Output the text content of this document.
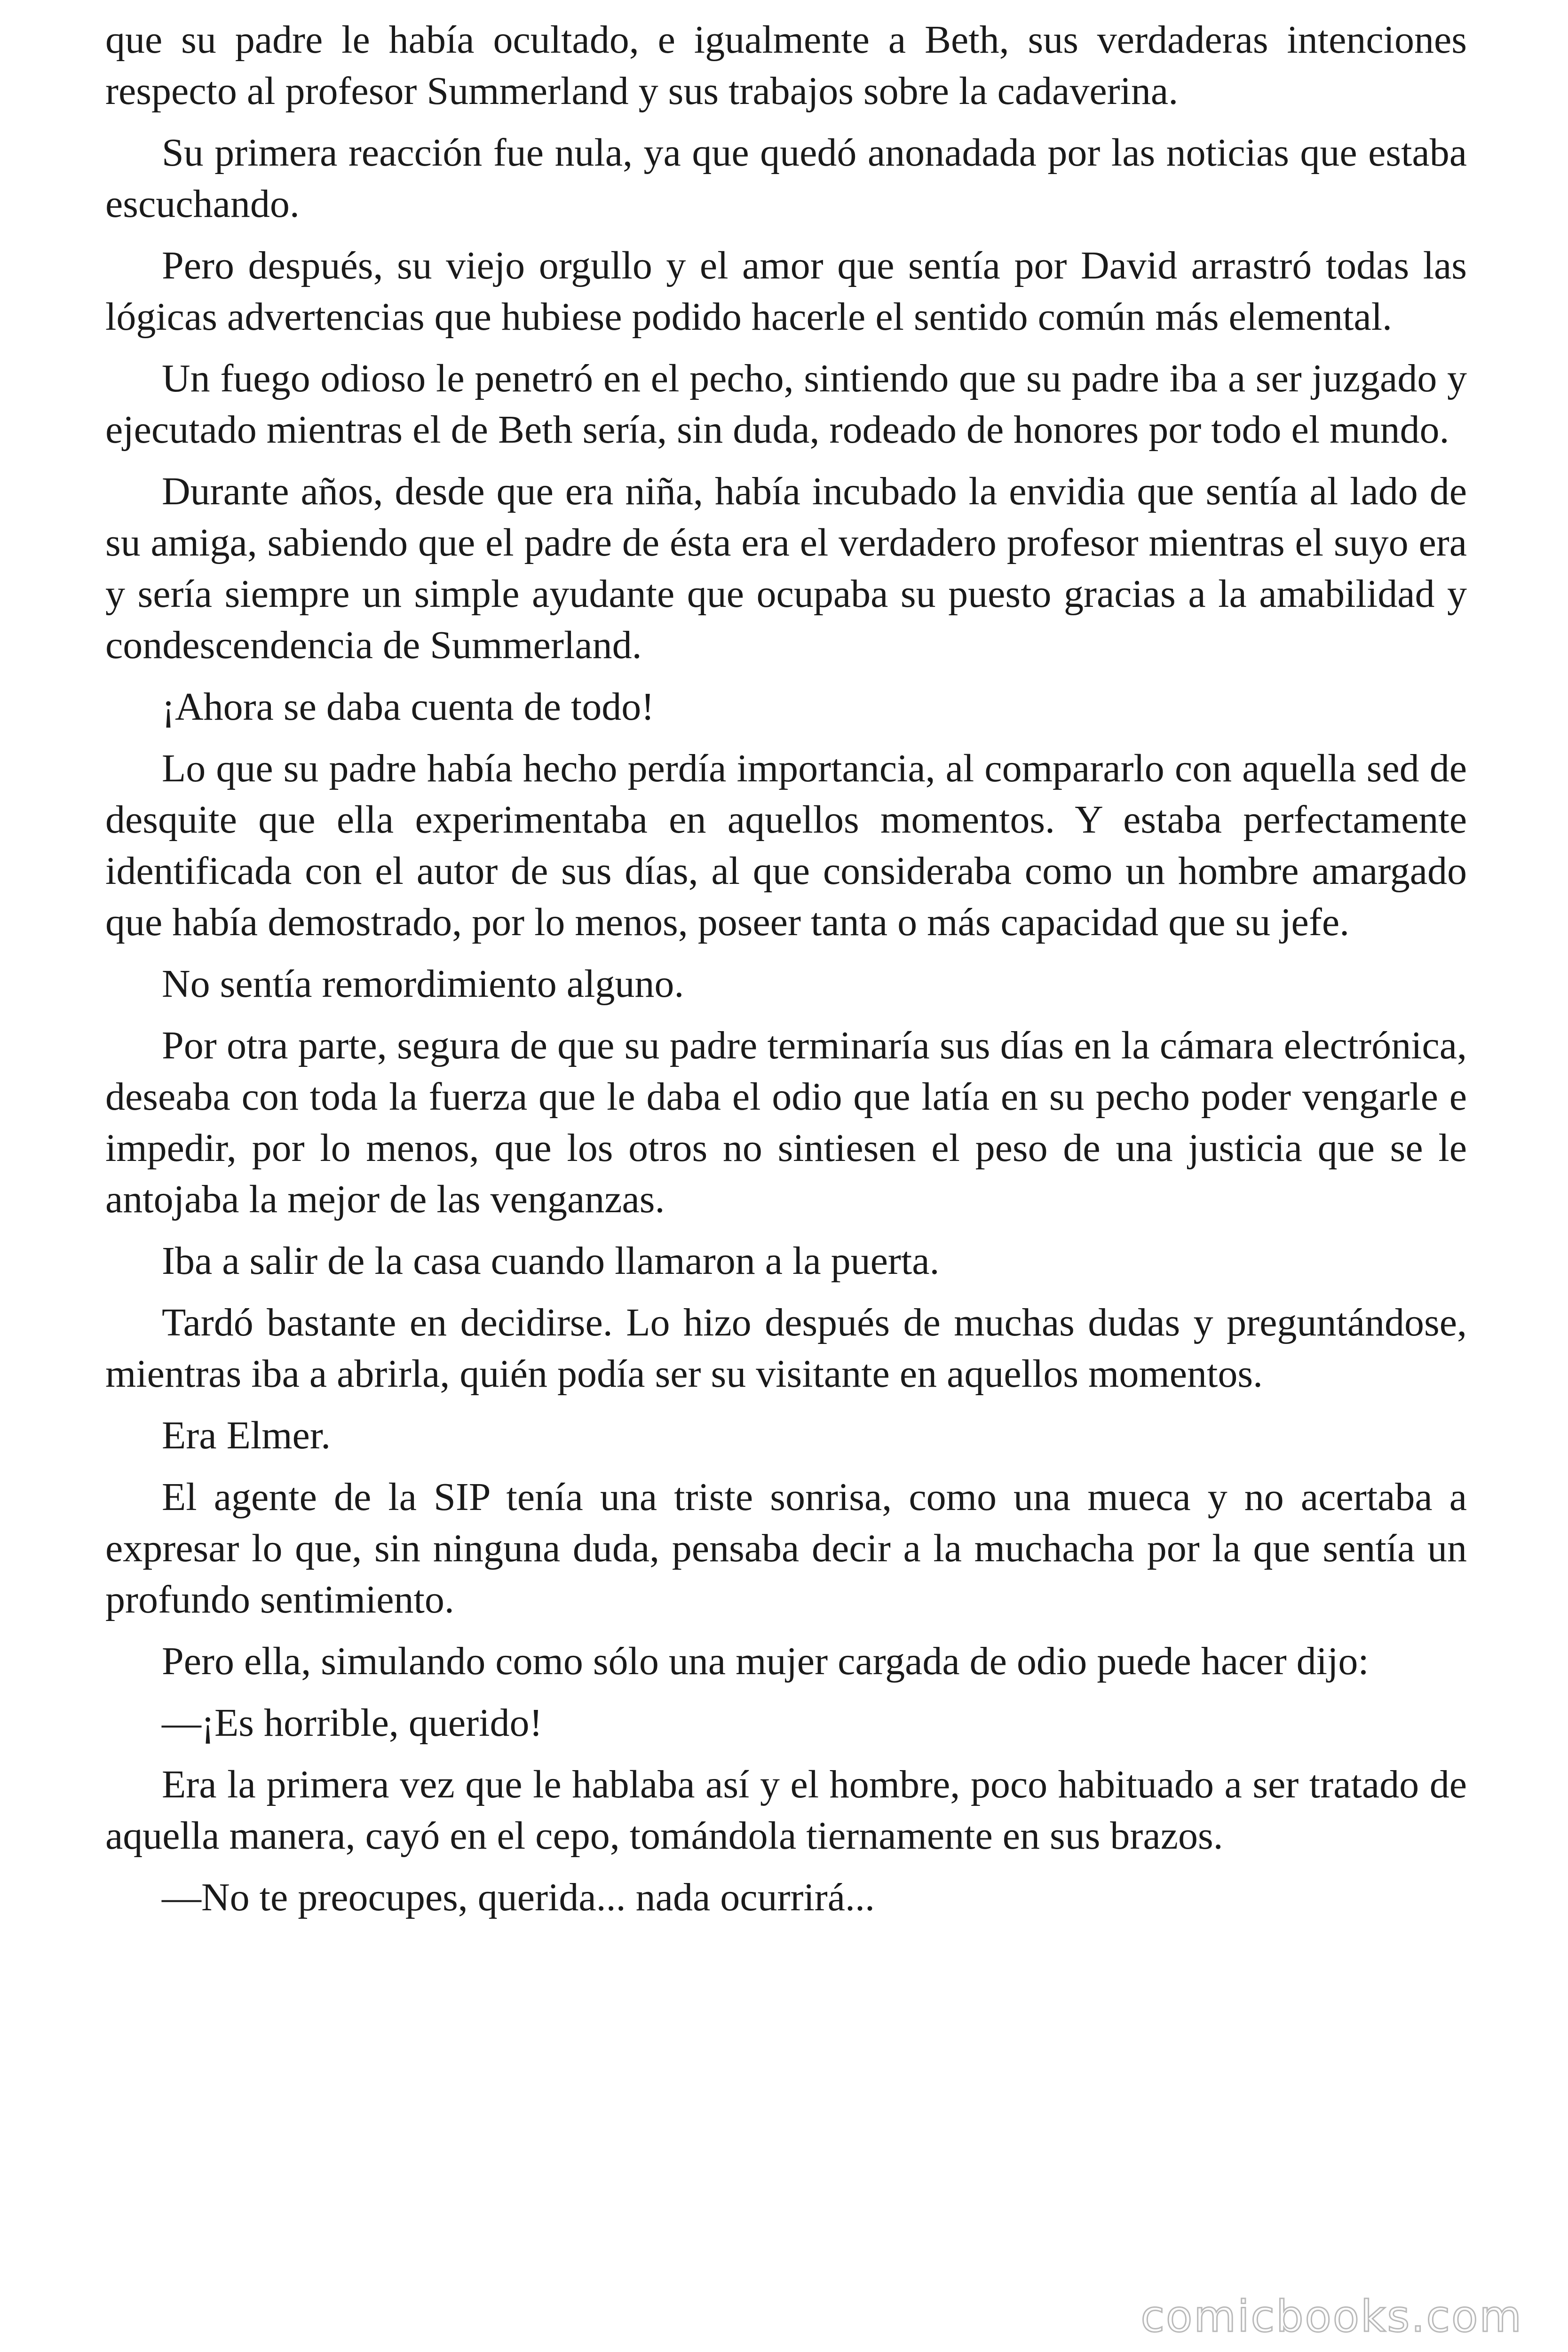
que su padre le había ocultado, e igualmente a Beth, sus verdaderas intenciones respecto al profesor Summerland y sus trabajos sobre la cadaverina.

Su primera reacción fue nula, ya que quedó anonadada por las noticias que estaba escuchando.

Pero después, su viejo orgullo y el amor que sentía por David arrastró todas las lógicas advertencias que hubiese podido hacerle el sentido común más elemental.

Un fuego odioso le penetró en el pecho, sintiendo que su padre iba a ser juzgado y ejecutado mientras el de Beth sería, sin duda, rodeado de honores por todo el mundo.

Durante años, desde que era niña, había incubado la envidia que sentía al lado de su amiga, sabiendo que el padre de ésta era el verdadero profesor mientras el suyo era y sería siempre un simple ayudante que ocupaba su puesto gracias a la amabilidad y condescendencia de Summerland.

¡Ahora se daba cuenta de todo!

Lo que su padre había hecho perdía importancia, al compararlo con aquella sed de desquite que ella experimentaba en aquellos momentos. Y estaba perfectamente identificada con el autor de sus días, al que consideraba como un hombre amargado que había demostrado, por lo menos, poseer tanta o más capacidad que su jefe.

No sentía remordimiento alguno.

Por otra parte, segura de que su padre terminaría sus días en la cámara electrónica, deseaba con toda la fuerza que le daba el odio que latía en su pecho poder vengarle e impedir, por lo menos, que los otros no sintiesen el peso de una justicia que se le antojaba la mejor de las venganzas.

Iba a salir de la casa cuando llamaron a la puerta.

Tardó bastante en decidirse. Lo hizo después de muchas dudas y preguntándose, mientras iba a abrirla, quién podía ser su visitante en aquellos momentos.

Era Elmer.

El agente de la SIP tenía una triste sonrisa, como una mueca y no acertaba a expresar lo que, sin ninguna duda, pensaba decir a la muchacha por la que sentía un profundo sentimiento.

Pero ella, simulando como sólo una mujer cargada de odio puede hacer dijo:

—¡Es horrible, querido!

Era la primera vez que le hablaba así y el hombre, poco habituado a ser tratado de aquella manera, cayó en el cepo, tomándola tiernamente en sus brazos.

—No te preocupes, querida... nada ocurrirá...

comicbooks.com
